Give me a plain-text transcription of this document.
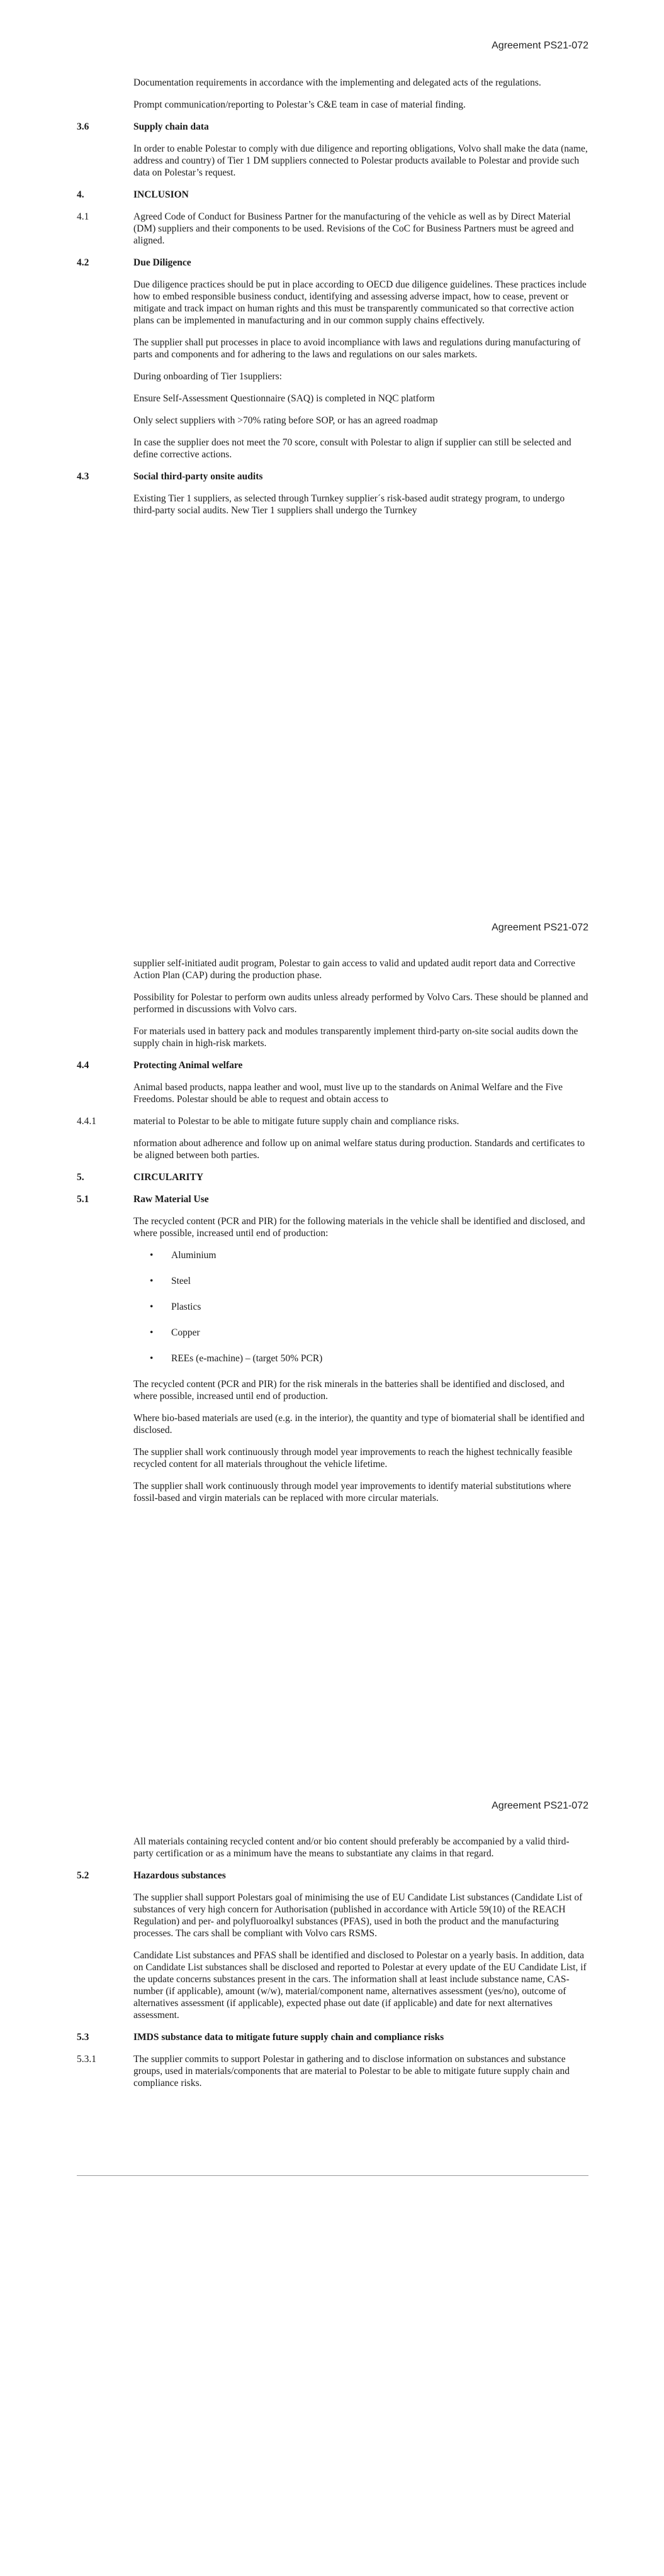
Agreement PS21-072

Documentation requirements in accordance with the implementing and delegated acts of the regulations.

Prompt communication/reporting to Polestar’s C&E team in case of material finding.

3.6	Supply chain data

In order to enable Polestar to comply with due diligence and reporting obligations, Volvo shall make the data (name, address and country) of Tier 1 DM suppliers connected to Polestar products available to Polestar and provide such data on Polestar’s request.

4.	INCLUSION

4.1	Agreed Code of Conduct for Business Partner for the manufacturing of the vehicle as well as by Direct Material (DM) suppliers and their components to be used. Revisions of the CoC for Business Partners must be agreed and aligned.

4.2	Due Diligence

Due diligence practices should be put in place according to OECD due diligence guidelines. These practices include how to embed responsible business conduct, identifying and assessing adverse impact, how to cease, prevent or mitigate and track impact on human rights and this must be transparently communicated so that corrective action plans can be implemented in manufacturing and in our common supply chains effectively.

The supplier shall put processes in place to avoid incompliance with laws and regulations during manufacturing of parts and components and for adhering to the laws and regulations on our sales markets.

During onboarding of Tier 1suppliers:

Ensure Self-Assessment Questionnaire (SAQ) is completed in NQC platform

Only select suppliers with >70% rating before SOP, or has an agreed roadmap

In case the supplier does not meet the 70 score, consult with Polestar to align if supplier can still be selected and define corrective actions.

4.3	Social third-party onsite audits

Existing Tier 1 suppliers, as selected through Turnkey supplier´s risk-based audit strategy program, to undergo third-party social audits. New Tier 1 suppliers shall undergo the Turnkey

Agreement PS21-072

supplier self-initiated audit program, Polestar to gain access to valid and updated audit report data and Corrective Action Plan (CAP) during the production phase.

Possibility for Polestar to perform own audits unless already performed by Volvo Cars. These should be planned and performed in discussions with Volvo cars.

For materials used in battery pack and modules transparently implement third-party on-site social audits down the supply chain in high-risk markets.

4.4	Protecting Animal welfare

Animal based products, nappa leather and wool, must live up to the standards on Animal Welfare and the Five Freedoms. Polestar should be able to request and obtain access to

4.4.1	material to Polestar to be able to mitigate future supply chain and compliance risks.

nformation about adherence and follow up on animal welfare status during production. Standards and certificates to be aligned between both parties.

5.	CIRCULARITY

5.1	Raw Material Use

The recycled content (PCR and PIR) for the following materials in the vehicle shall be identified and disclosed, and where possible, increased until end of production:

• Aluminium
• Steel
• Plastics
• Copper
• REEs (e-machine) – (target 50% PCR)

The recycled content (PCR and PIR) for the risk minerals in the batteries shall be identified and disclosed, and where possible, increased until end of production.

Where bio-based materials are used (e.g. in the interior), the quantity and type of biomaterial shall be identified and disclosed.

The supplier shall work continuously through model year improvements to reach the highest technically feasible recycled content for all materials throughout the vehicle lifetime.

The supplier shall work continuously through model year improvements to identify material substitutions where fossil-based and virgin materials can be replaced with more circular materials.

Agreement PS21-072

All materials containing recycled content and/or bio content should preferably be accompanied by a valid third-party certification or as a minimum have the means to substantiate any claims in that regard.

5.2	Hazardous substances

The supplier shall support Polestars goal of minimising the use of EU Candidate List substances (Candidate List of substances of very high concern for Authorisation (published in accordance with Article 59(10) of the REACH Regulation) and per- and polyfluoroalkyl substances (PFAS), used in both the product and the manufacturing processes. The cars shall be compliant with Volvo cars RSMS.

Candidate List substances and PFAS shall be identified and disclosed to Polestar on a yearly basis. In addition, data on Candidate List substances shall be disclosed and reported to Polestar at every update of the EU Candidate List, if the update concerns substances present in the cars. The information shall at least include substance name, CAS-number (if applicable), amount (w/w), material/component name, alternatives assessment (yes/no), outcome of alternatives assessment (if applicable), expected phase out date (if applicable) and date for next alternatives assessment.

5.3	IMDS substance data to mitigate future supply chain and compliance risks

5.3.1	The supplier commits to support Polestar in gathering and to disclose information on substances and substance groups, used in materials/components that are material to Polestar to be able to mitigate future supply chain and compliance risks.
